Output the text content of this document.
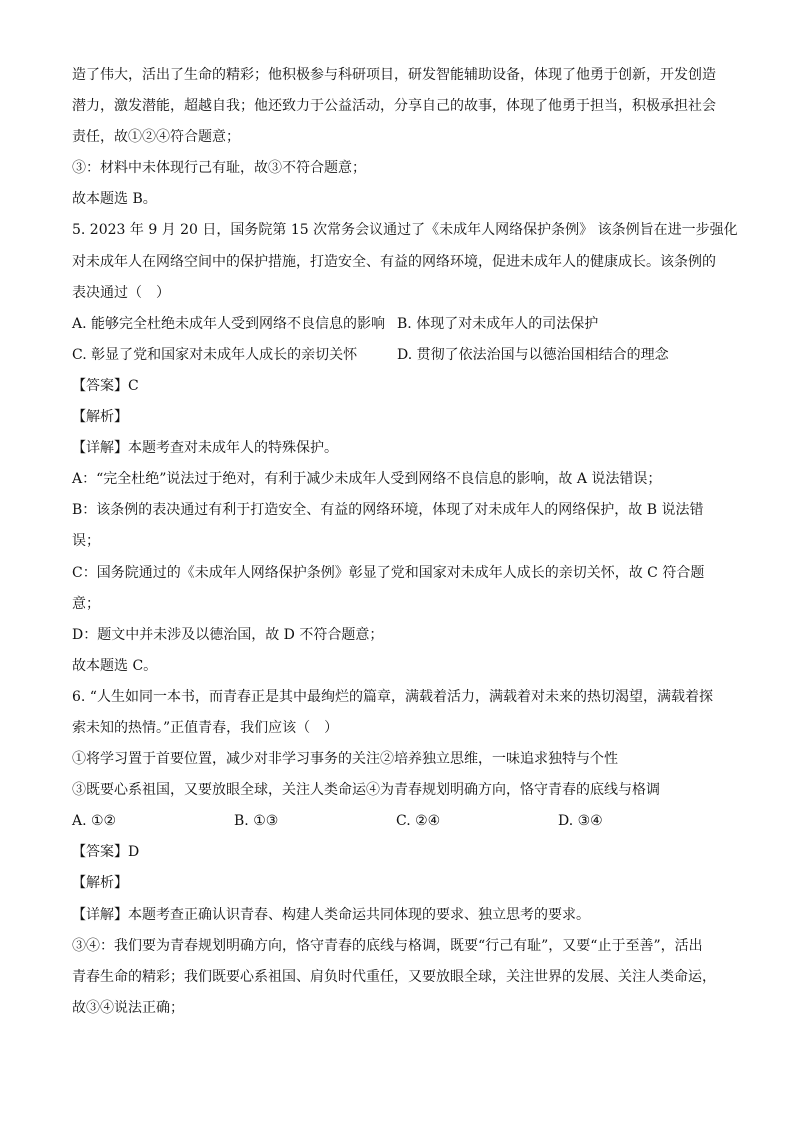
造了伟大，活出了生命的精彩；他积极参与科研项目，研发智能辅助设备，体现了他勇于创新，开发创造
潜力，激发潜能，超越自我；他还致力于公益活动，分享自己的故事，体现了他勇于担当，积极承担社会
责任，故①②④符合题意；
③：材料中未体现行己有耻，故③不符合题意；
故本题选 B。
5. 2023 年 9 月 20 日，国务院第 15 次常务会议通过了《未成年人网络保护条例》 该条例旨在进一步强化
对未成年人在网络空间中的保护措施，打造安全、有益的网络环境，促进未成年人的健康成长。该条例的
表决通过（　）
A. 能够完全杜绝未成年人受到网络不良信息的影响 B. 体现了对未成年人的司法保护
C. 彰显了党和国家对未成年人成长的亲切关怀	D. 贯彻了依法治国与以德治国相结合的理念
【答案】C
【解析】
【详解】本题考查对未成年人的特殊保护。
A：“完全杜绝”说法过于绝对，有利于减少未成年人受到网络不良信息的影响，故 A 说法错误；
B：该条例的表决通过有利于打造安全、有益的网络环境，体现了对未成年人的网络保护，故 B 说法错
误；
C：国务院通过的《未成年人网络保护条例》彰显了党和国家对未成年人成长的亲切关怀，故 C 符合题
意；
D：题文中并未涉及以德治国，故 D 不符合题意；
故本题选 C。
6. “人生如同一本书，而青春正是其中最绚烂的篇章，满载着活力，满载着对未来的热切渴望，满载着探
索未知的热情。”正值青春，我们应该（　）
①将学习置于首要位置，减少对非学习事务的关注②培养独立思维，一味追求独特与个性
③既要心系祖国，又要放眼全球，关注人类命运④为青春规划明确方向，恪守青春的底线与格调
A. ①②	B. ①③	C. ②④	D. ③④
【答案】D
【解析】
【详解】本题考查正确认识青春、构建人类命运共同体现的要求、独立思考的要求。
③④：我们要为青春规划明确方向，恪守青春的底线与格调，既要“行己有耻”，又要“止于至善”，活出
青春生命的精彩；我们既要心系祖国、肩负时代重任，又要放眼全球，关注世界的发展、关注人类命运，
故③④说法正确；
